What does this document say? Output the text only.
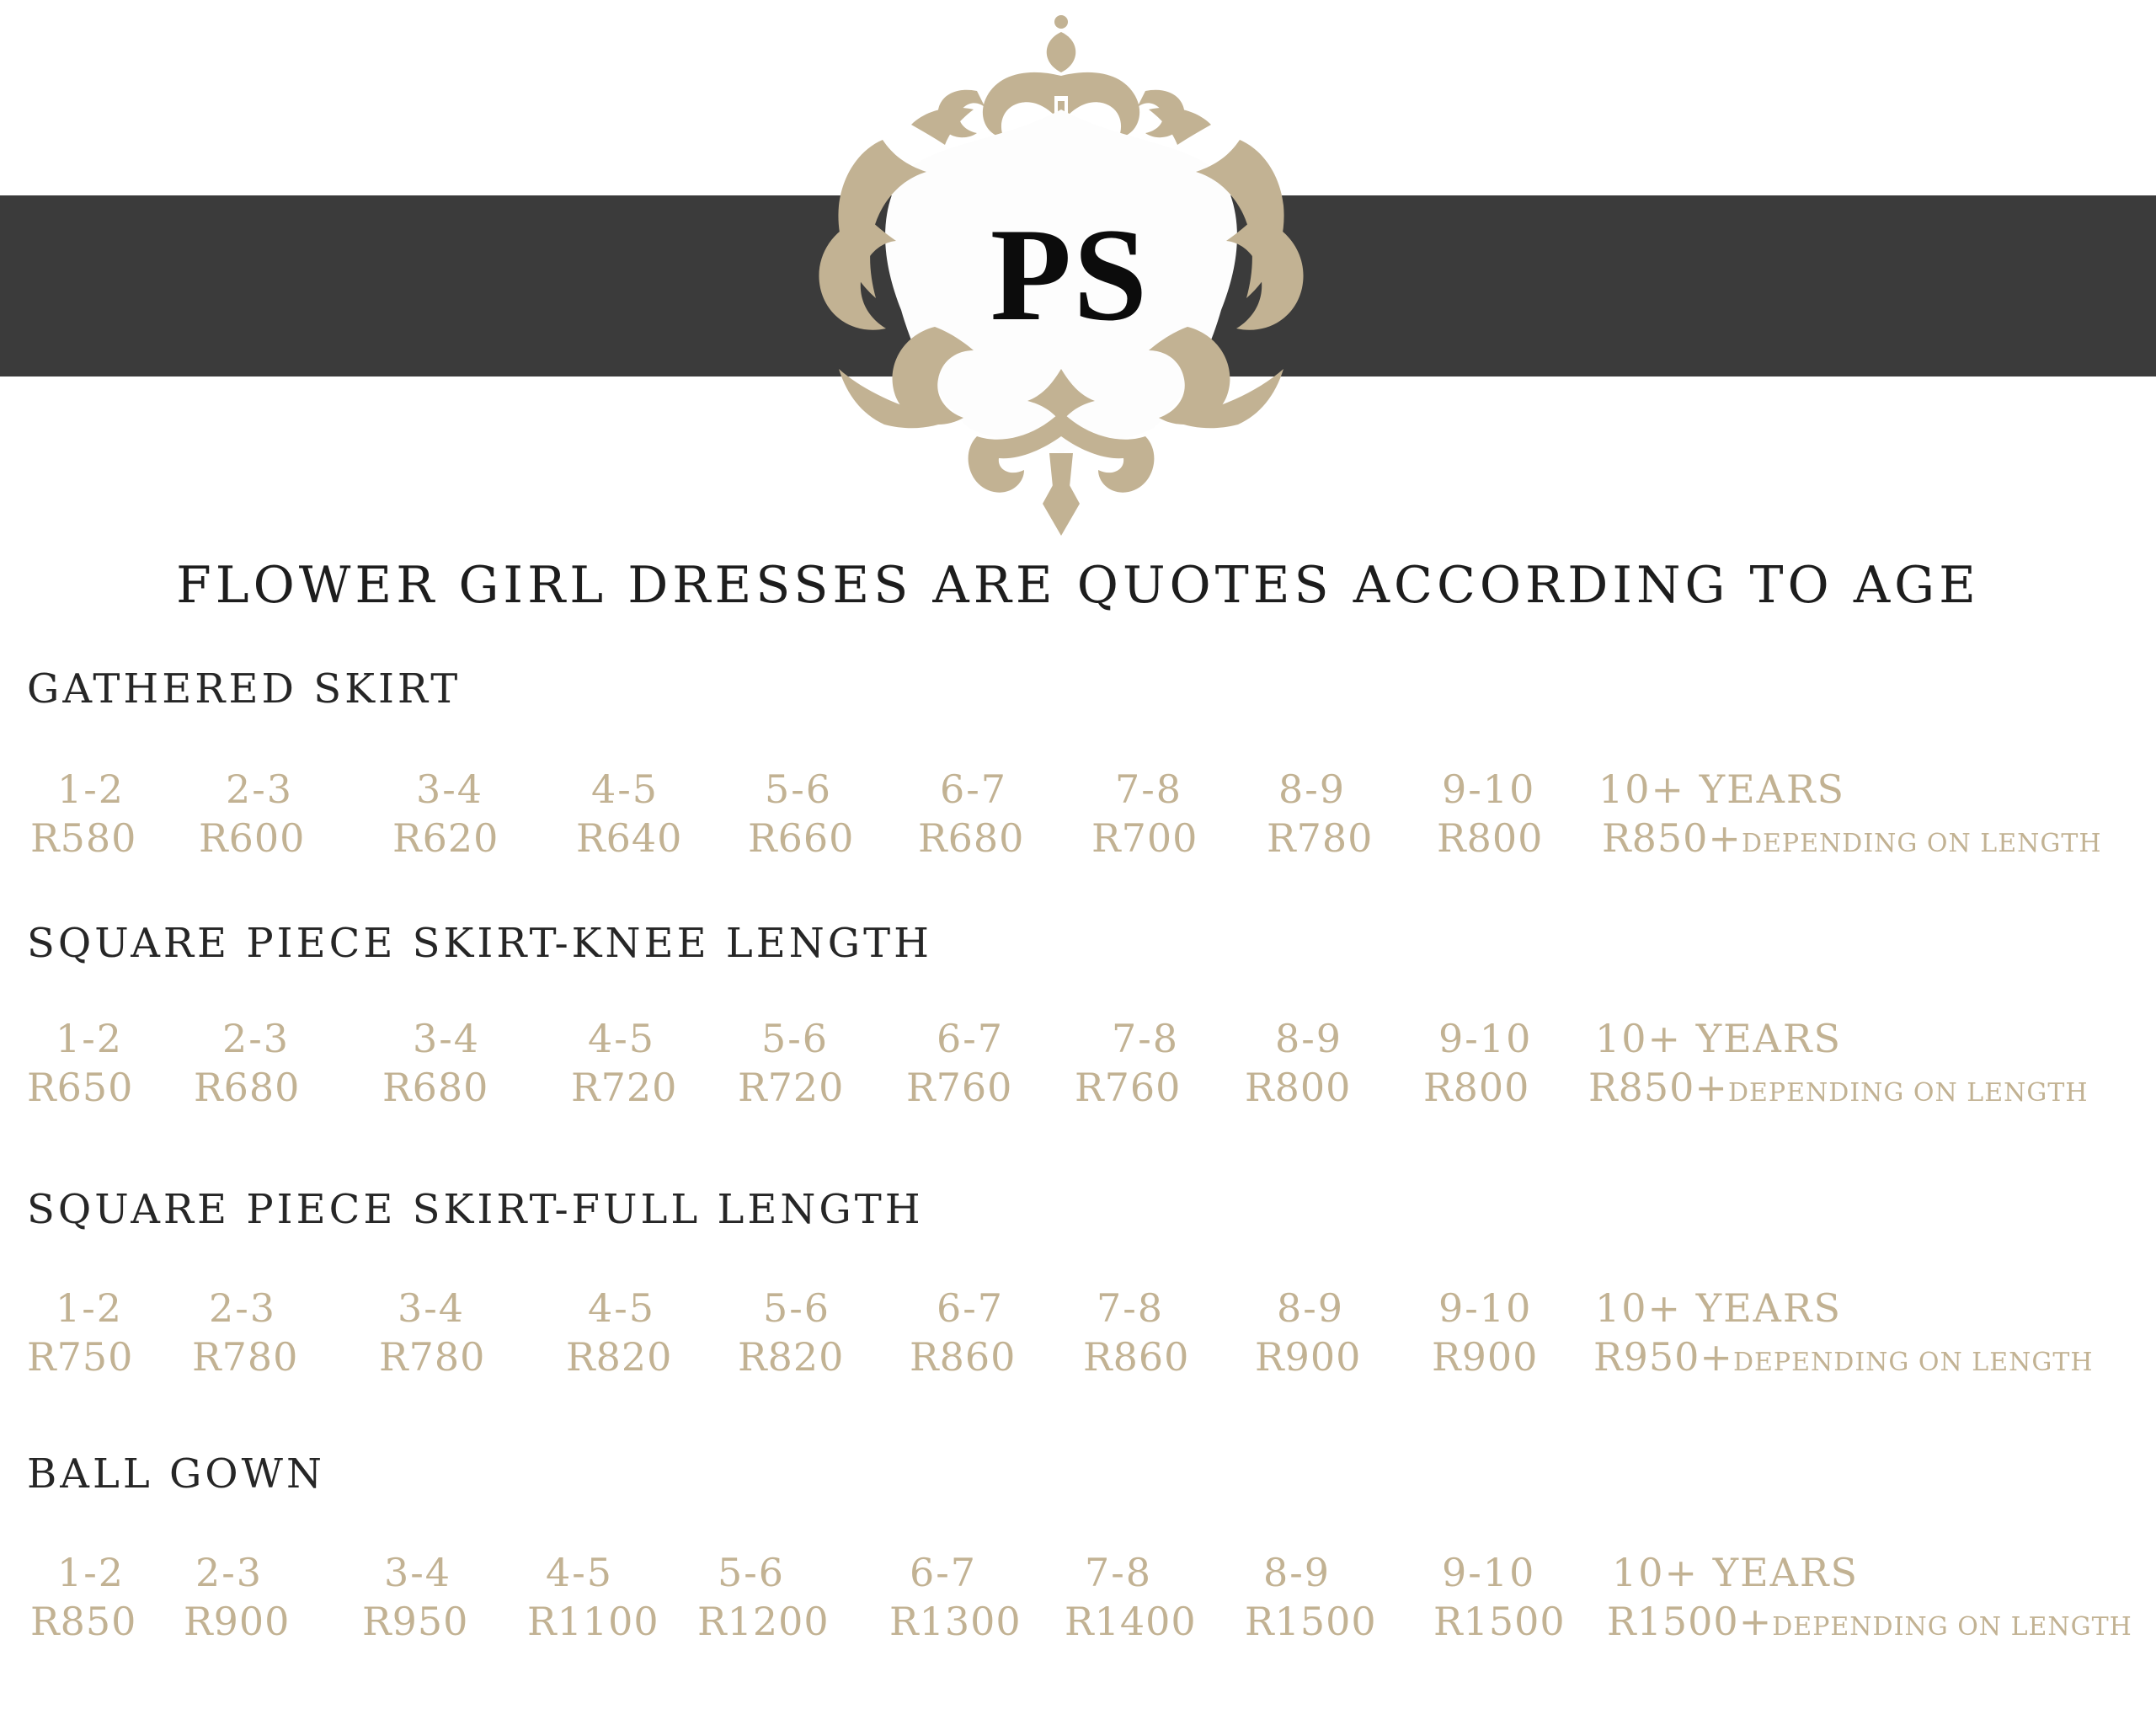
PS
FLOWER GIRL DRESSES ARE QUOTES ACCORDING TO AGE
GATHERED SKIRT
1-2	2-3	3-4	4-5	5-6	6-7	7-8 8-9 9-10 10+ YEARS
R580 R600 R620 R640 R660 R680 R700 R780 R800 R850+DEPENDING ON LENGTH
SQUARE PIECE SKIRT-KNEE LENGTH
1-2	2-3	3-4	4-5	5-6	6-7	7-8 8-9 9-10 10+ YEARS
R650 R680 R680 R720 R720 R760 R760 R800 R800 R850+DEPENDING ON LENGTH
SQUARE PIECE SKIRT-FULL LENGTH
1-2 2-3	3-4	4-5	5-6	6-7 7-8	8-9 9-10 10+ YEARS
R750 R780 R780 R820 R820 R860 R860 R900 R900 R950+DEPENDING ON LENGTH
BALL GOWN
1-2 2-3	3-4 4-5	5-6	6-7	7-8	8-9	9-10 10+ YEARS
R850 R900 R950 R1100 R1200 R1300 R1400 R1500 R1500 R1500+DEPENDING ON LENGTH
